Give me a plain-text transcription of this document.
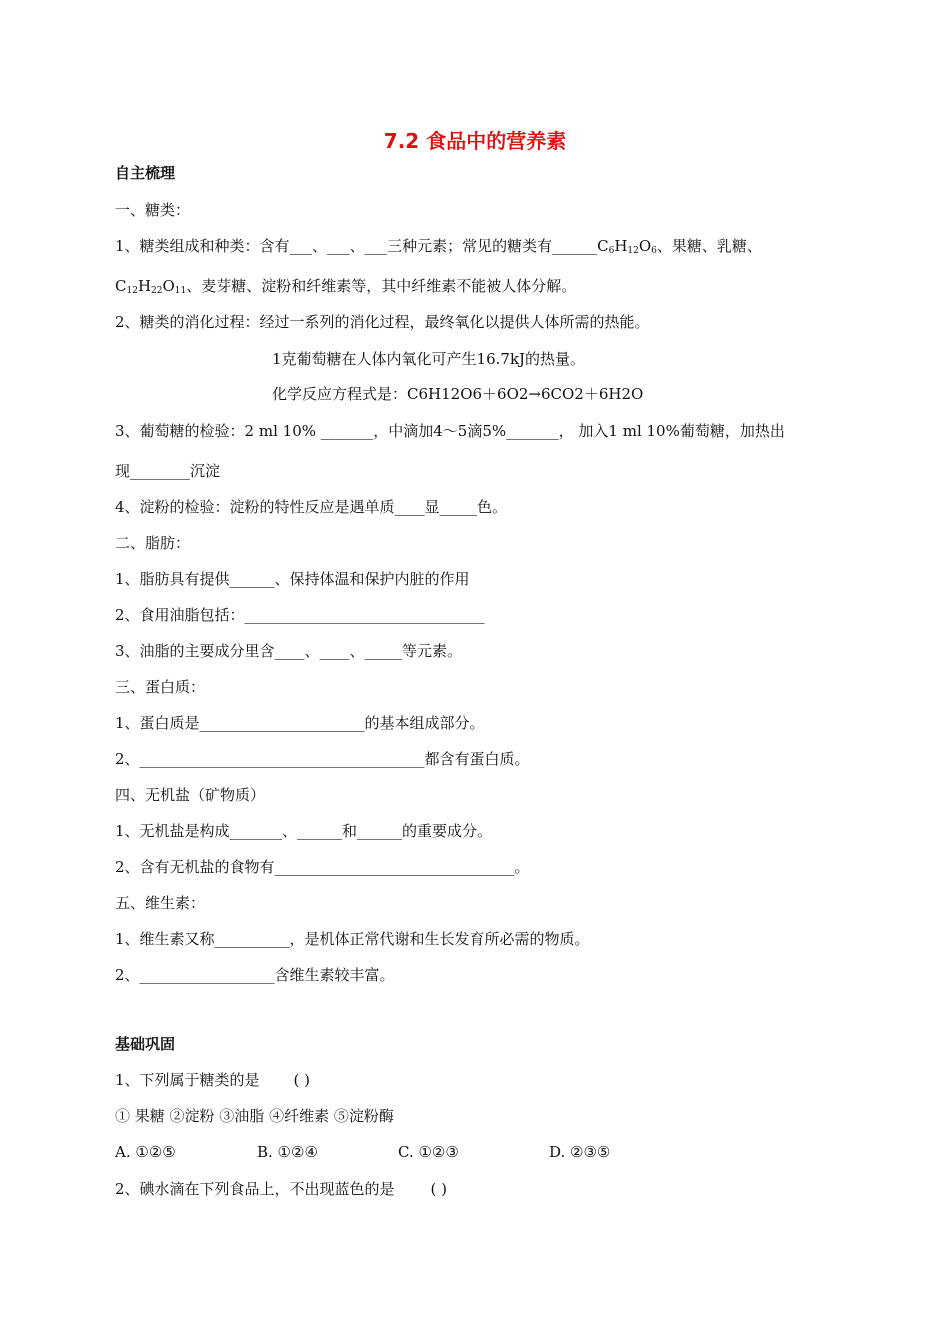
7.2 食品中的营养素
自主梳理
一、糖类：
1、糖类组成和种类：含有___、___、___三种元素；常见的糖类有$\_\_\_\_\_\_C_6H_{12}O_6$、果糖、乳糖、
$C_{12}H_{22}O_{11}$、麦芽糖、淀粉和纤维素等，其中纤维素不能被人体分解。
2、糖类的消化过程：经过一系列的消化过程，最终氧化以提供人体所需的热能。
1克葡萄糖在人体内氧化可产生16.7kJ的热量。
化学反应方程式是：C6H12O6＋6O2→6CO2＋6H2O
3、葡萄糖的检验：2 ml 10% _______，中滴加4～5滴5%_______， 加入1 ml 10%葡萄糖，加热出
现________沉淀
4、淀粉的检验：淀粉的特性反应是遇单质____显_____色。
二、脂肪：
1、脂肪具有提供______、保持体温和保护内脏的作用
2、食用油脂包括：________________________________
3、油脂的主要成分里含____、____、_____等元素。
三、蛋白质：
1、蛋白质是______________________的基本组成部分。
2、______________________________________都含有蛋白质。
四、无机盐（矿物质）
1、无机盐是构成_______、______和______的重要成分。
2、含有无机盐的食物有________________________________。
五、维生素：
1、维生素又称__________，是机体正常代谢和生长发育所必需的物质。
2、__________________含维生素较丰富。
基础巩固
1、下列属于糖类的是 ( )
① 果糖 ②淀粉 ③油脂 ④纤维素 ⑤淀粉酶
A. ①②⑤	B. ①②④	C. ①②③	D. ②③⑤
2、碘水滴在下列食品上，不出现蓝色的是 ( )
